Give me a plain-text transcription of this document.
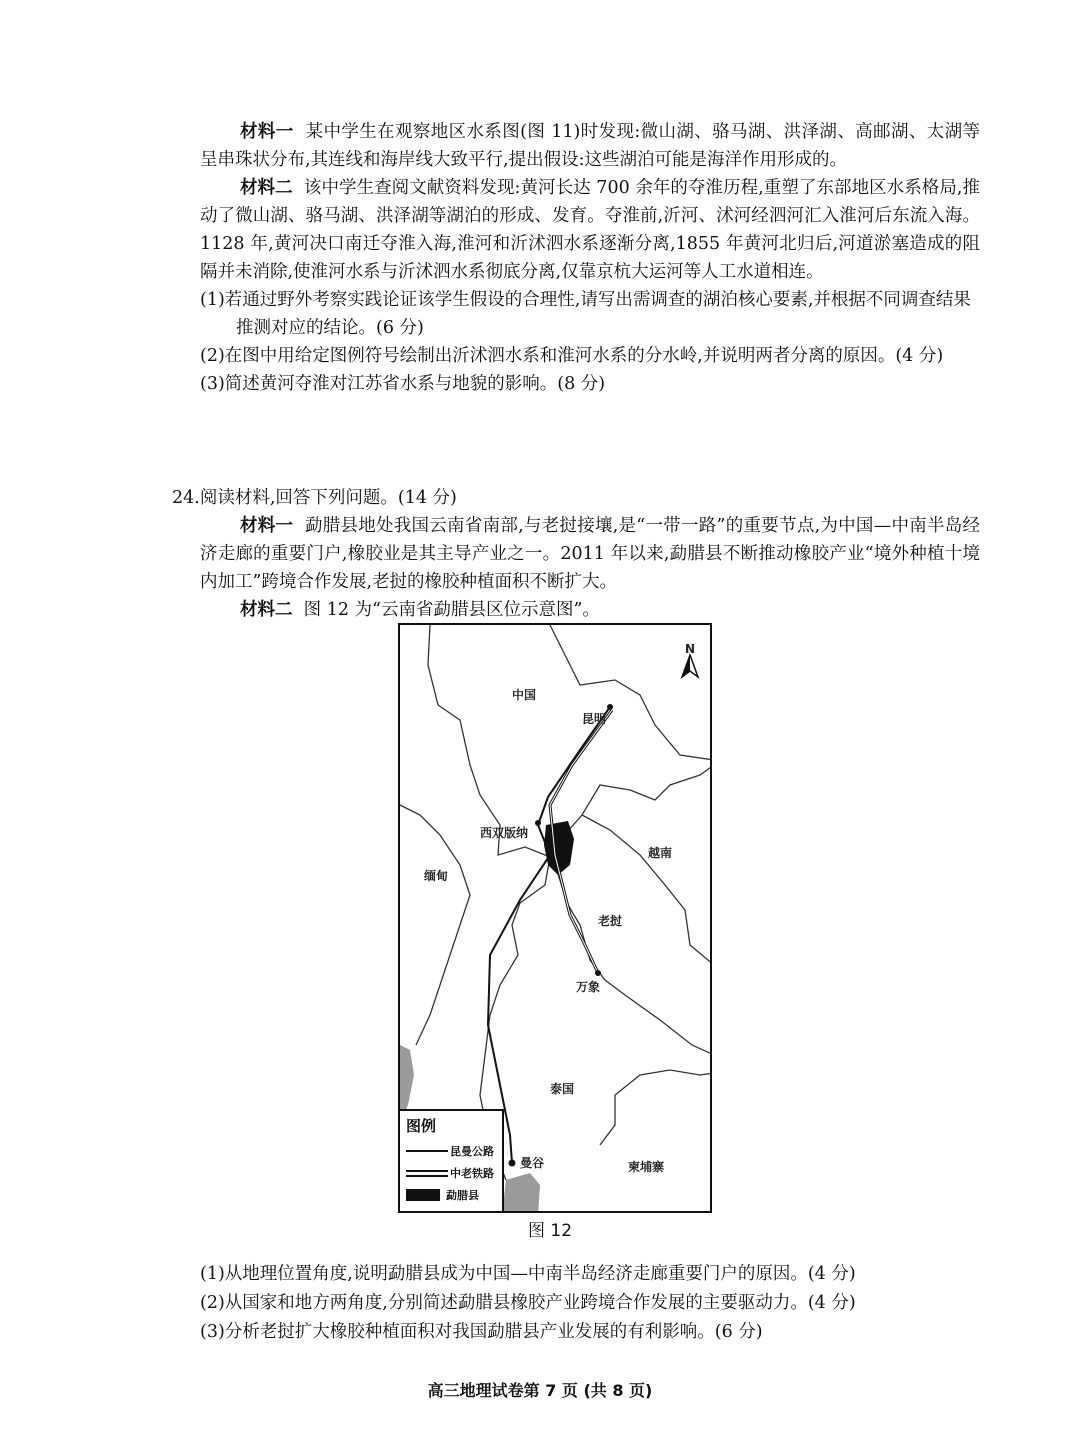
材料一 某中学生在观察地区水系图(图 11)时发现:微山湖、骆马湖、洪泽湖、高邮湖、太湖等呈串珠状分布,其连线和海岸线大致平行,提出假设:这些湖泊可能是海洋作用形成的。

材料二 该中学生查阅文献资料发现:黄河长达 700 余年的夺淮历程,重塑了东部地区水系格局,推动了微山湖、骆马湖、洪泽湖等湖泊的形成、发育。夺淮前,沂河、沭河经泗河汇入淮河后东流入海。1128 年,黄河决口南迁夺淮入海,淮河和沂沭泗水系逐渐分离,1855 年黄河北归后,河道淤塞造成的阻隔并未消除,使淮河水系与沂沭泗水系彻底分离,仅靠京杭大运河等人工水道相连。

(1)若通过野外考察实践论证该学生假设的合理性,请写出需调查的湖泊核心要素,并根据不同调查结果推测对应的结论。(6 分)

(2)在图中用给定图例符号绘制出沂沭泗水系和淮河水系的分水岭,并说明两者分离的原因。(4 分)

(3)简述黄河夺淮对江苏省水系与地貌的影响。(8 分)

24.阅读材料,回答下列问题。(14 分)

材料一 勐腊县地处我国云南省南部,与老挝接壤,是“一带一路”的重要节点,为中国—中南半岛经济走廊的重要门户,橡胶业是其主导产业之一。2011 年以来,勐腊县不断推动橡胶产业“境外种植十境内加工”跨境合作发展,老挝的橡胶种植面积不断扩大。

材料二 图 12 为“云南省勐腊县区位示意图”。

N
中国
昆明
西双版纳
越南
缅甸
老挝
万象
泰国
曼谷	柬埔寨
图例
昆曼公路
中老铁路
勐腊县
图 12

(1)从地理位置角度,说明勐腊县成为中国—中南半岛经济走廊重要门户的原因。(4 分)

(2)从国家和地方两角度,分别简述勐腊县橡胶产业跨境合作发展的主要驱动力。(4 分)

(3)分析老挝扩大橡胶种植面积对我国勐腊县产业发展的有利影响。(6 分)

高三地理试卷第 7 页 (共 8 页)
